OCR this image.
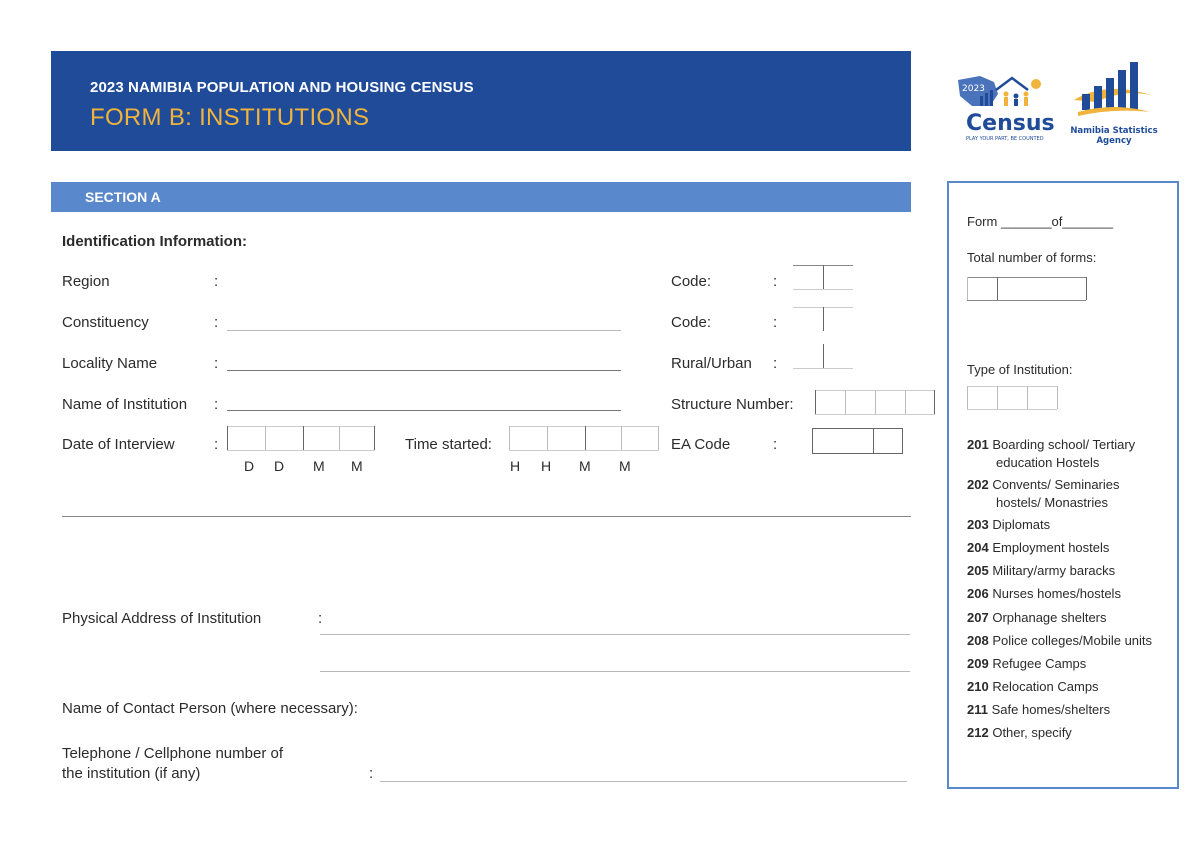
2023 NAMIBIA POPULATION AND HOUSING CENSUS
FORM B: INSTITUTIONS
2023
Census
PLAY YOUR PART, BE COUNTED
Namibia Statistics
Agency
SECTION A
Identification Information:
Region	:	Code:	:
Constituency	:	Code:	:
Locality Name	:	Rural/Urban :
Name of Institution :	Structure Number:
Date of Interview	:
D D M M
Time started:
H H M M
EA Code	:
Physical Address of Institution	:
Name of Contact Person (where necessary):
Telephone / Cellphone number of
the institution (if any)	:
Form _______of_______
Total number of forms:
Type of Institution:
201 Boarding school/ Tertiary
education Hostels
202 Convents/ Seminaries
hostels/ Monastries
203 Diplomats
204 Employment hostels
205 Military/army baracks
206 Nurses homes/hostels
207 Orphanage shelters
208 Police colleges/Mobile units
209 Refugee Camps
210 Relocation Camps
211 Safe homes/shelters
212 Other, specify
